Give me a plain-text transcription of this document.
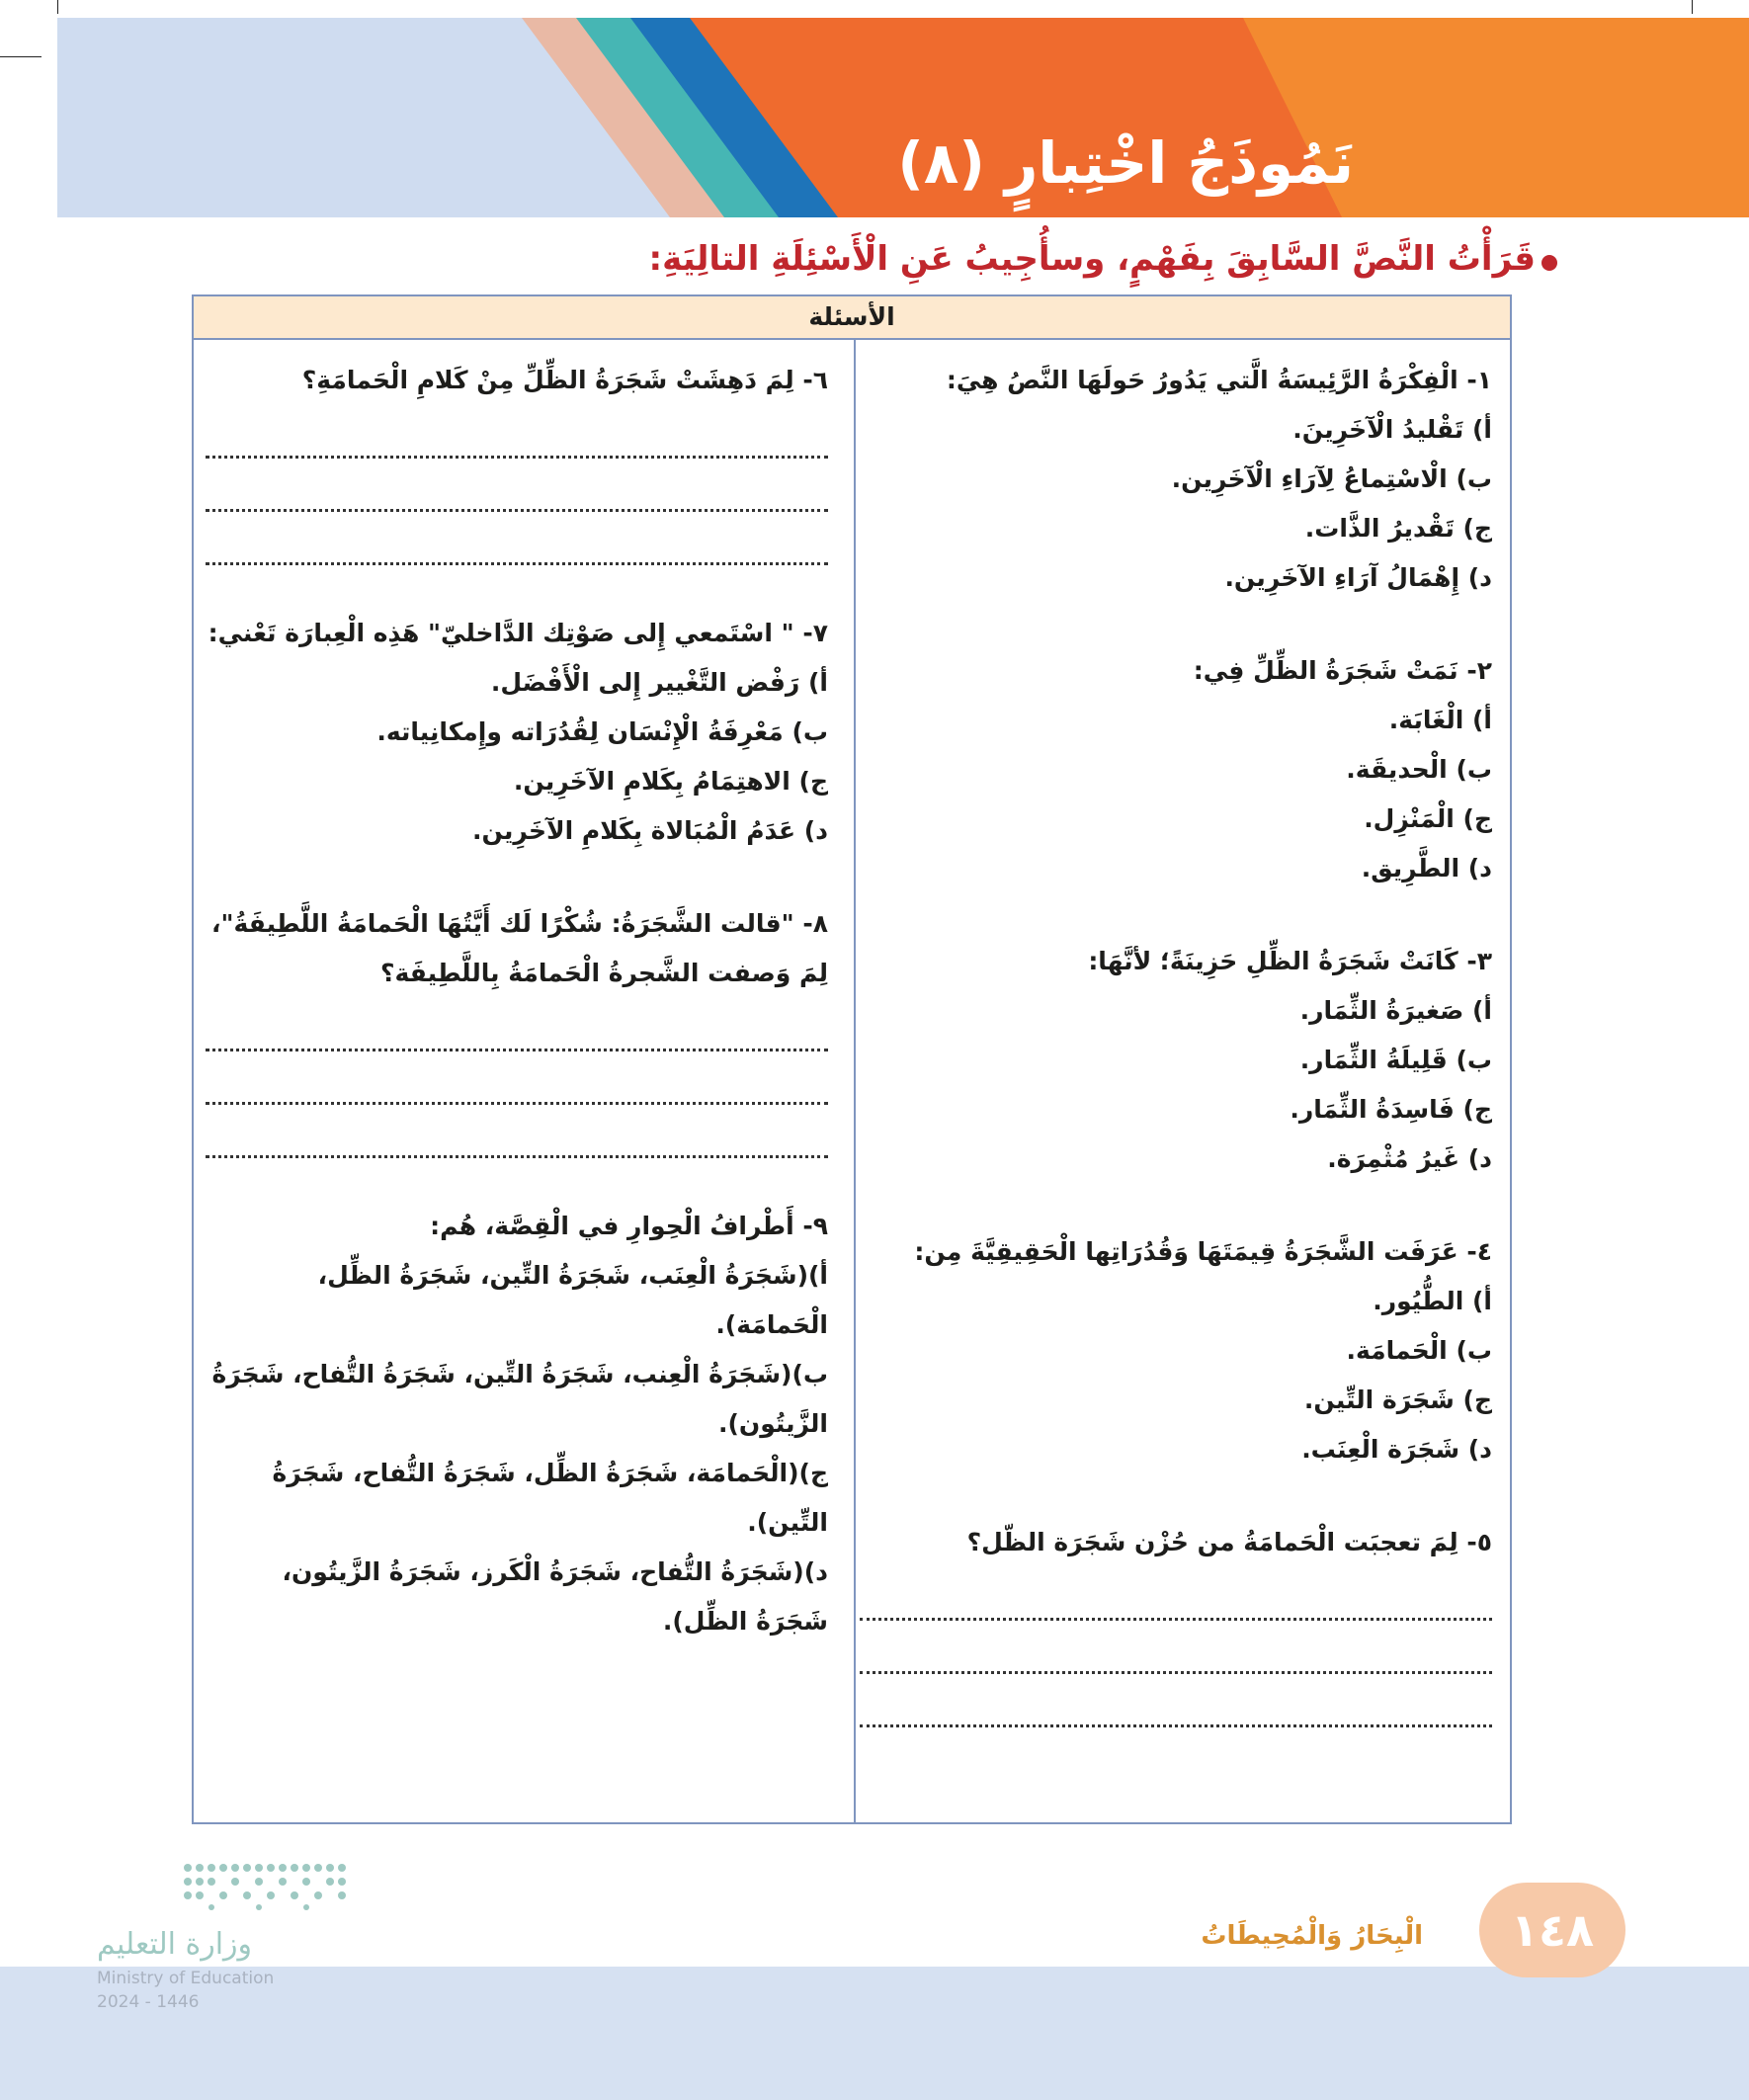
نَمُوذَجُ اخْتِبارٍ (٨)
قَرَأْتُ النَّصَّ السَّابِقَ بِفَهْمٍ، وسأُجِيبُ عَنِ الْأَسْئِلَةِ التالِيَةِ:
الأسئلة

١- الْفِكْرَةُ الرَّئِيسَةُ الَّتي يَدُورُ حَولَهَا النَّصُ هِيَ:

أ) تَقْليدُ الْآخَرِينَ.

ب) الْاسْتِماعُ لِآرَاءِ الْآخَرِين.

ج) تَقْديرُ الذَّات.

د) إِهْمَالُ آرَاءِ الآخَرِين.

٢- نَمَتْ شَجَرَةُ الظِّلِّ فِي:

أ) الْغَابَة.

ب) الْحديقَة.

ج) الْمَنْزِل.

د) الطَّرِيق.

٣- كَانَتْ شَجَرَةُ الظِّلِ حَزِينَةً؛ لأنَّهَا:

أ) صَغيرَةُ الثِّمَار.

ب) قَلِيلَةُ الثِّمَار.

ج) فَاسِدَةُ الثِّمَار.

د) غَيرُ مُثْمِرَة.

٤- عَرَفَت الشَّجَرَةُ قِيمَتَهَا وَقُدُرَاتِها الْحَقِيقِيَّةَ مِن:

أ) الطُّيُور.

ب) الْحَمامَة.

ج) شَجَرَة التِّين.

د) شَجَرَة الْعِنَب.

٥- لِمَ تعجبَت الْحَمامَةُ من حُزْن شَجَرَة الظّل؟

٦- لِمَ دَهِشَتْ شَجَرَةُ الظِّلِّ مِنْ كَلامِ الْحَمامَةِ؟

٧- " اسْتَمعي إِلى صَوْتِك الدَّاخليّ" هَذِه الْعِبارَة تَعْني:

أ) رَفْض التَّغْيير إِلى الْأَفْضَل.

ب) مَعْرِفَةُ الْإِنْسَان لِقُدُرَاته وإِمكانِياته.

ج) الاهتِمَامُ بِكَلامِ الآخَرِين.

د) عَدَمُ الْمُبَالاة بِكَلامِ الآخَرِين.

٨- "قالت الشَّجَرَةُ: شُكْرًا لَك أَيَّتُهَا الْحَمامَةُ اللَّطِيفَةُ"، لِمَ وَصفت الشَّجرةُ الْحَمامَةُ بِاللَّطِيفَة؟

٩- أَطْرافُ الْحِوارِ في الْقِصَّة، هُم:

أ)(شَجَرَةُ الْعِنَب، شَجَرَةُ التِّين، شَجَرَةُ الظِّل، الْحَمامَة).

ب)(شَجَرَةُ الْعِنب، شَجَرَةُ التِّين، شَجَرَةُ التُّفاح، شَجَرَةُ الزَّيتُون).

ج)(الْحَمامَة، شَجَرَةُ الظِّل، شَجَرَةُ التُّفاح، شَجَرَةُ التِّين).

د)(شَجَرَةُ التُّفاح، شَجَرَةُ الْكَرز، شَجَرَةُ الزَّيتُون، شَجَرَةُ الظِّل).

وزارة التعليم
Ministry of Education
2024 - 1446
الْبِحَارُ وَالْمُحِيطَاتُ	١٤٨
